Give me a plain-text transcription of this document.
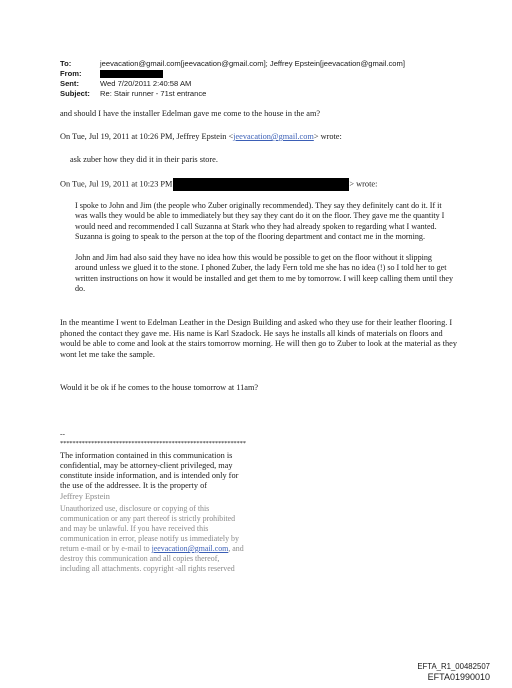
To:	jeevacation@gmail.com[jeevacation@gmail.com]; Jeffrey Epstein[jeevacation@gmail.com]
From:
Sent:	Wed 7/20/2011 2:40:58 AM
Subject:	Re: Stair runner - 71st entrance
and should I have the installer Edelman gave me come to the house in the am?
On Tue, Jul 19, 2011 at 10:26 PM, Jeffrey Epstein <jeevacation@gmail.com> wrote:
ask zuber how they did it in their paris store.
On Tue, Jul 19, 2011 at 10:23 PM	> wrote:
I spoke to John and Jim (the people who Zuber originally recommended). They say they definitely cant do it. If it was walls they would be able to immediately but they say they cant do it on the floor. They gave me the quantity I would need and recommended I call Suzanna at Stark who they had already spoken to regarding what I wanted. Suzanna is going to speak to the person at the top of the flooring department and contact me in the morning.
John and Jim had also said they have no idea how this would be possible to get on the floor without it slipping around unless we glued it to the stone. I phoned Zuber, the lady Fern told me she has no idea (!) so I told her to get written instructions on how it would be installed and get them to me by tomorrow. I will keep calling them until they do.
In the meantime I went to Edelman Leather in the Design Building and asked who they use for their leather flooring. I phoned the contact they gave me. His name is Karl Szadock. He says he installs all kinds of materials on floors and would be able to come and look at the stairs tomorrow morning. He will then go to Zuber to look at the material as they wont let me take the sample.
Would it be ok if he comes to the house tomorrow at 11am?
--
************************************************************
The information contained in this communication is
confidential, may be attorney-client privileged, may
constitute inside information, and is intended only for
the use of the addressee. It is the property of
Jeffrey Epstein
Unauthorized use, disclosure or copying of this
communication or any part thereof is strictly prohibited
and may be unlawful. If you have received this
communication in error, please notify us immediately by
return e-mail or by e-mail to jeevacation@gmail.com, and
destroy this communication and all copies thereof,
including all attachments. copyright -all rights reserved
EFTA_R1_00482507
EFTA01990010
